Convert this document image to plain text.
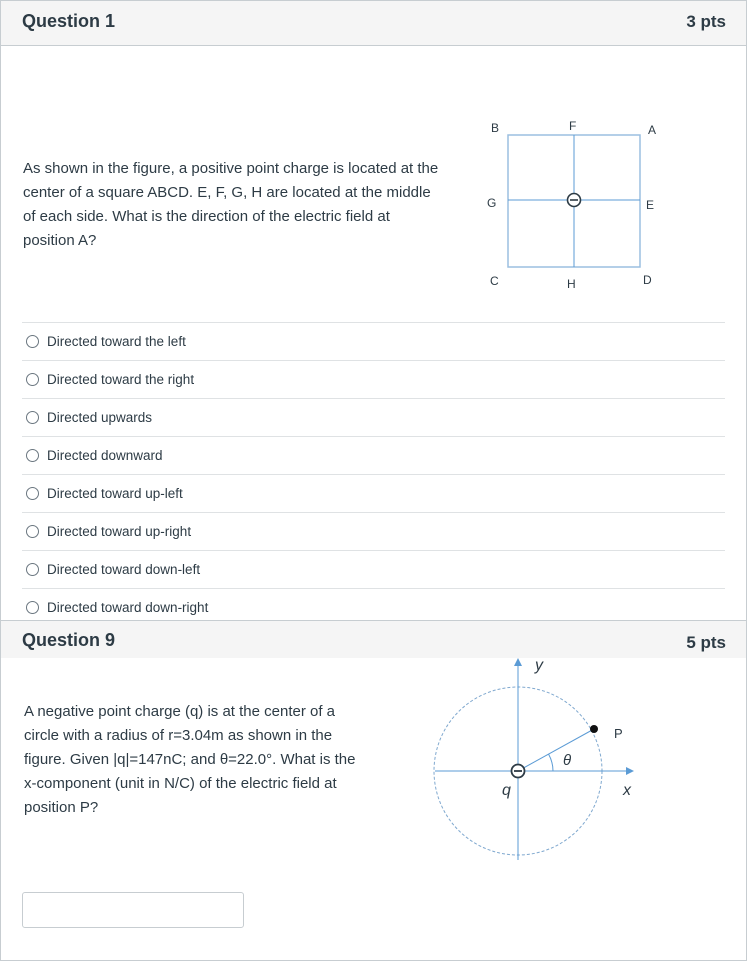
Question 1	3 pts
As shown in the figure, a positive point charge is located at the center of a square ABCD. E, F, G, H are located at the middle of each side. What is the direction of the electric field at position A?
B	F	A
G	E
C	H	D
Directed toward the left
Directed toward the right
Directed upwards
Directed downward
Directed toward up-left
Directed toward up-right
Directed toward down-left
Directed toward down-right
Question 9	5 pts
A negative point charge (q) is at the center of a circle with a radius of r=3.04m as shown in the figure. Given |q|=147nC; and θ=22.0°. What is the x-component (unit in N/C) of the electric field at position P?
y
x
P
q
θ
